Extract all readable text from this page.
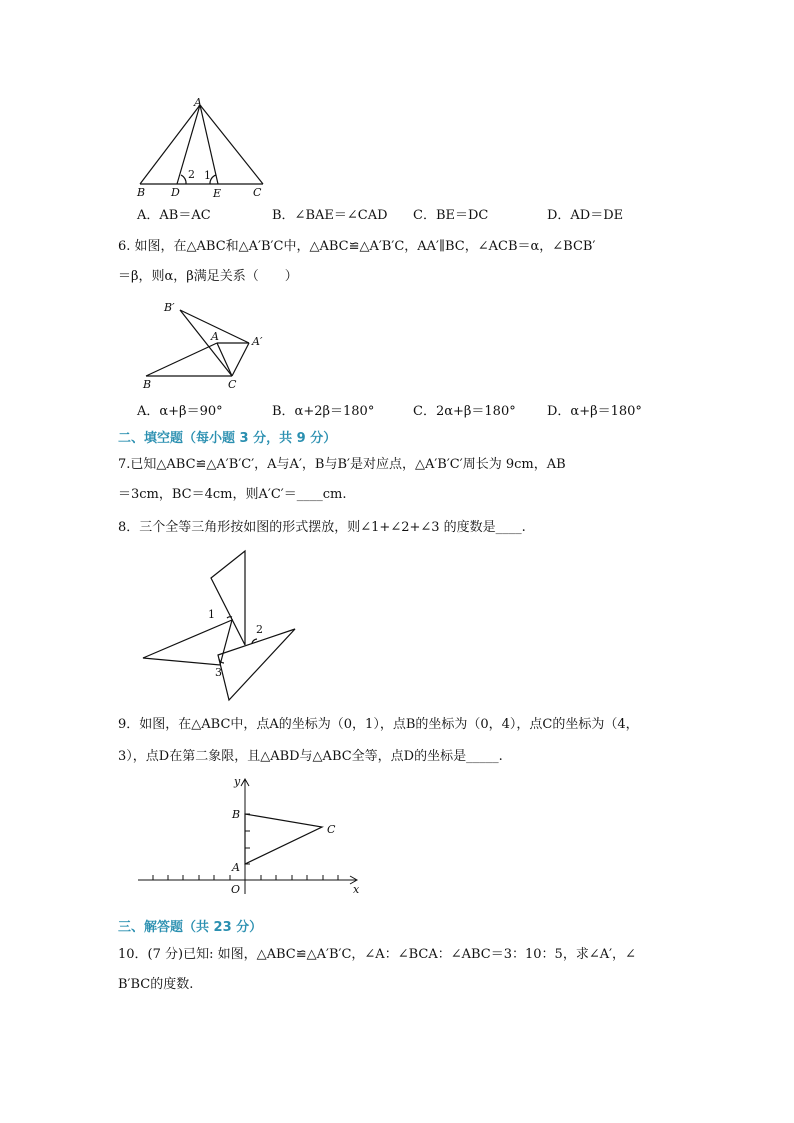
A
B D	E	C
2 1
A．AB＝AC	B．∠BAE＝∠CAD C．BE＝DC	D．AD＝DE
6. 如图，在△ABC和△A′B′C中，△ABC≌△A′B′C，AA′∥BC，∠ACB＝α，∠BCB′
＝β，则α，β满足关系（　　）
B′
A	A′
B	C
A．α+β＝90°	B．α+2β＝180°	C．2α+β＝180° D．α+β＝180°
二、填空题（每小题 3 分，共 9 分）
7.已知△ABC≌△A′B′C′，A与A′，B与B′是对应点，△A′B′C′周长为 9cm，AB
＝3cm，BC＝4cm，则A′C′＝____cm.
8．三个全等三角形按如图的形式摆放，则∠1+∠2+∠3 的度数是____.
1
2
3
9．如图，在△ABC中，点A的坐标为（0，1），点B的坐标为（0，4），点C的坐标为（4，
3），点D在第二象限，且△ABD与△ABC全等，点D的坐标是_____.
y
x
O
A
B
C
三、解答题（共 23 分）
10．(7 分)已知: 如图，△ABC≌△A′B′C，∠A：∠BCA：∠ABC＝3：10：5，求∠A′，∠
B′BC的度数.
